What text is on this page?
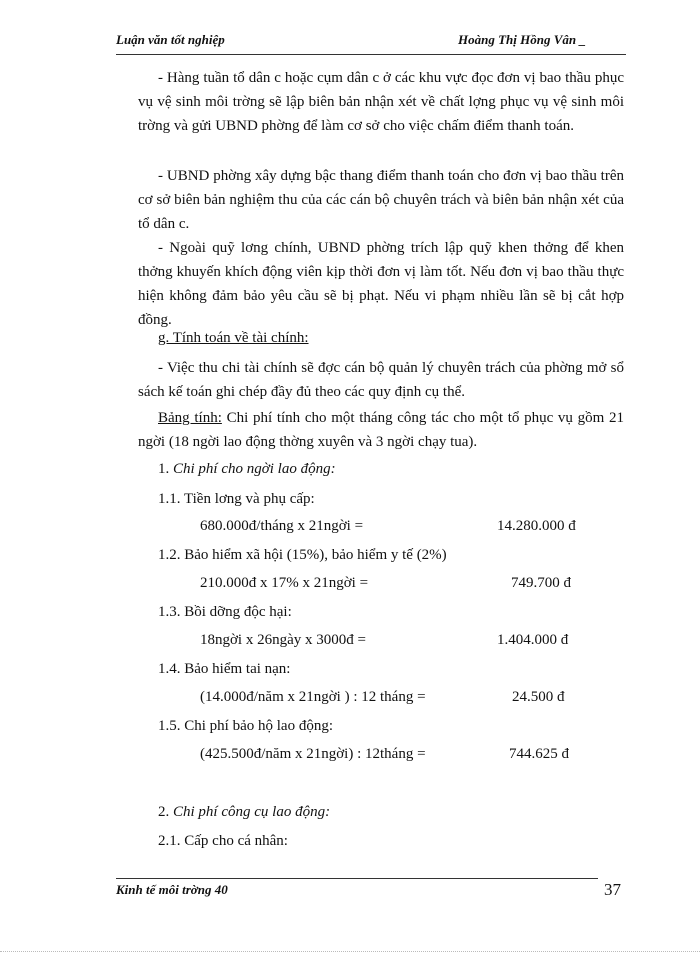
Luận văn tốt nghiệp	Hoàng Thị Hồng Vân _
- Hàng tuần tổ dân c hoặc cụm dân c ở các khu vực đọc đơn vị bao thầu phục vụ vệ sinh môi trờng sẽ lập biên bản nhận xét về chất lợng phục vụ vệ sinh môi trờng và gửi UBND phờng để làm cơ sở cho việc chấm điểm thanh toán.
- UBND phờng xây dựng bậc thang điểm thanh toán cho đơn vị bao thầu trên cơ sở biên bản nghiệm thu của các cán bộ chuyên trách và biên bản nhận xét của tổ dân c.
- Ngoài quỹ lơng chính, UBND phờng trích lập quỹ khen thởng để khen thởng khuyến khích động viên kịp thời đơn vị làm tốt. Nếu đơn vị bao thầu thực hiện không đảm bảo yêu cầu sẽ bị phạt. Nếu vi phạm nhiều lần sẽ bị cắt hợp đồng.
g. Tính toán về tài chính:
- Việc thu chi tài chính sẽ đợc cán bộ quản lý chuyên trách của phờng mở sổ sách kế toán ghi chép đầy đủ theo các quy định cụ thể.
Bảng tính: Chi phí tính cho một tháng công tác cho một tổ phục vụ gồm 21 ngời (18 ngời lao động thờng xuyên và 3 ngời chạy tua).
1. Chi phí cho ngời lao động:
1.1. Tiền lơng và phụ cấp:
680.000đ/tháng x 21ngời =	14.280.000 đ
1.2. Bảo hiểm xã hội (15%), bảo hiểm y tế (2%)
210.000đ x 17% x 21ngời =	749.700 đ
1.3. Bồi dỡng độc hại:
18ngời x 26ngày x 3000đ =	1.404.000 đ
1.4. Bảo hiểm tai nạn:
(14.000đ/năm x 21ngời ) : 12 tháng =	24.500 đ
1.5. Chi phí bảo hộ lao động:
(425.500đ/năm x 21ngời) : 12tháng =	744.625 đ
2. Chi phí công cụ lao động:
2.1. Cấp cho cá nhân:
Kinh tế môi trờng 40	37
